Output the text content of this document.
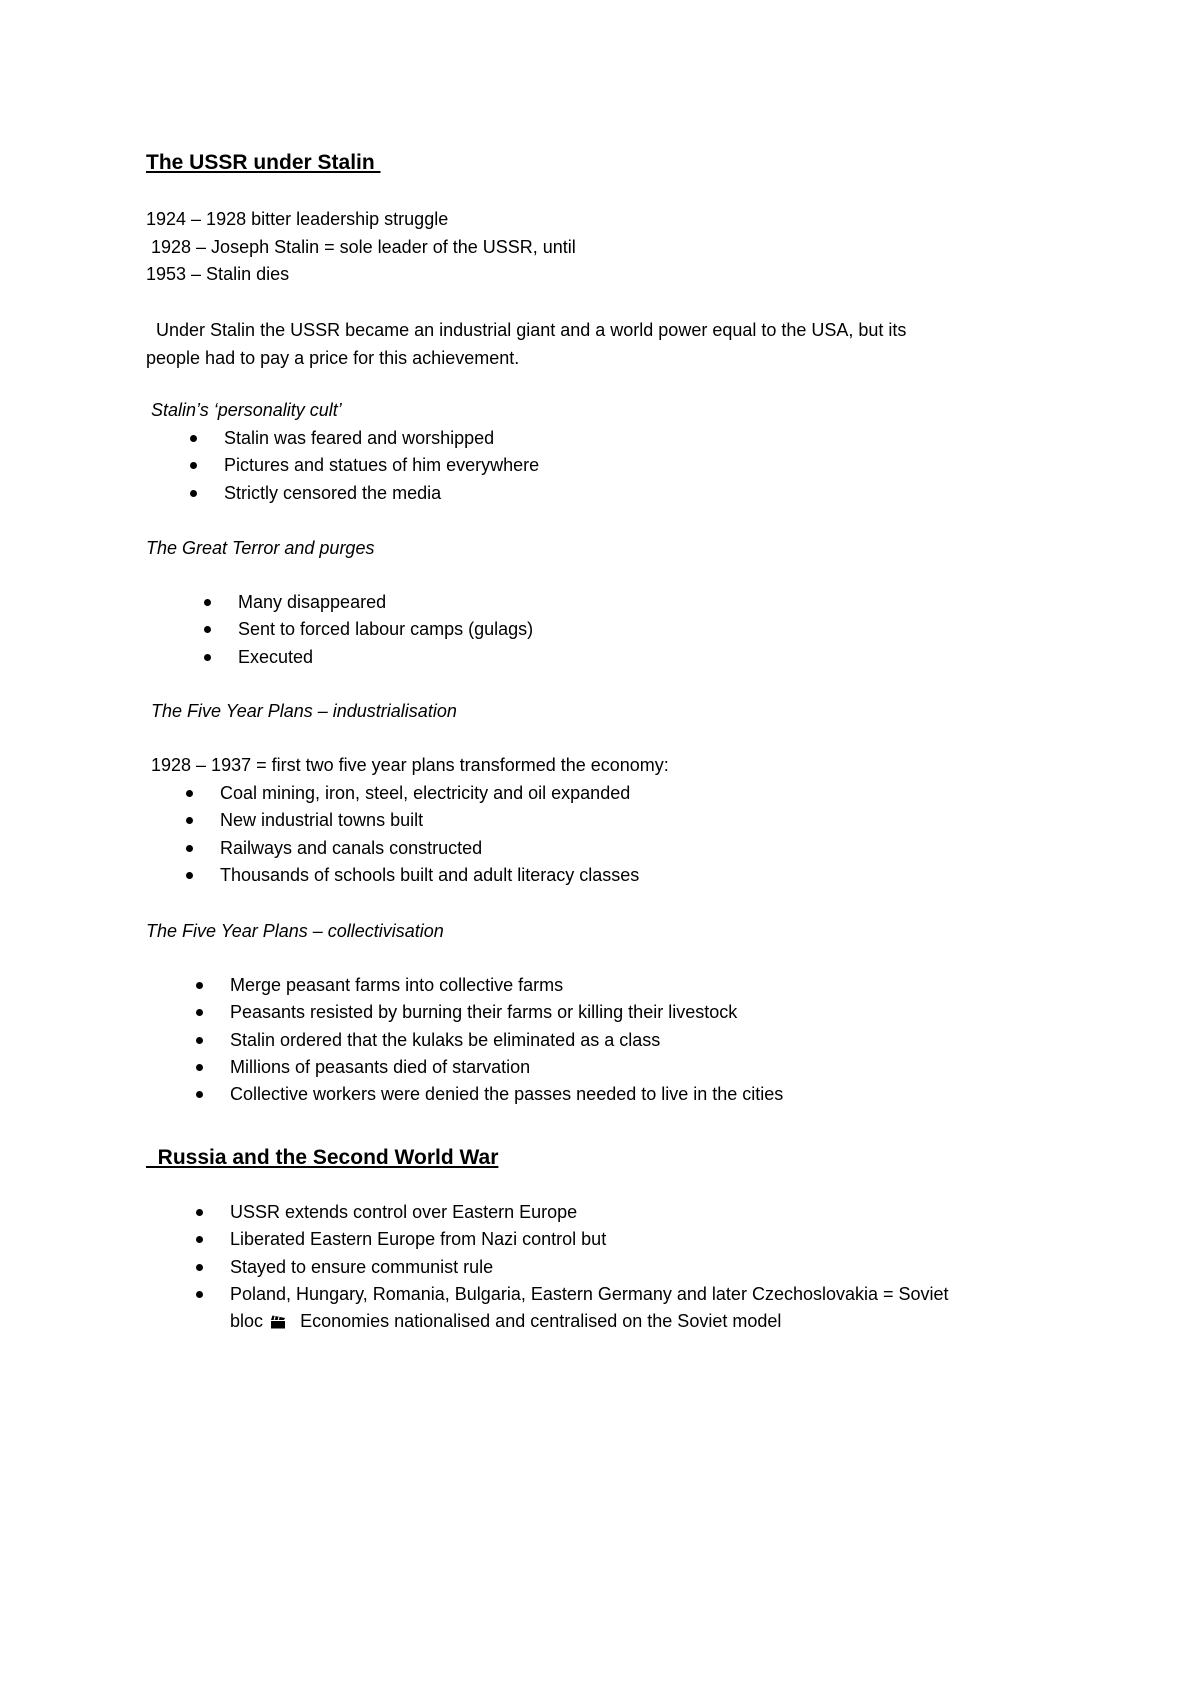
The USSR under Stalin
1924 – 1928 bitter leadership struggle
1928 – Joseph Stalin = sole leader of the USSR, until
1953 – Stalin dies
Under Stalin the USSR became an industrial giant and a world power equal to the USA, but its
people had to pay a price for this achievement.
Stalin’s ‘personality cult’
Stalin was feared and worshipped
Pictures and statues of him everywhere
Strictly censored the media
The Great Terror and purges
Many disappeared
Sent to forced labour camps (gulags)
Executed
The Five Year Plans – industrialisation
1928 – 1937 = first two five year plans transformed the economy:
Coal mining, iron, steel, electricity and oil expanded
New industrial towns built
Railways and canals constructed
Thousands of schools built and adult literacy classes
The Five Year Plans – collectivisation
Merge peasant farms into collective farms
Peasants resisted by burning their farms or killing their livestock
Stalin ordered that the kulaks be eliminated as a class
Millions of peasants died of starvation
Collective workers were denied the passes needed to live in the cities
Russia and the Second World War
USSR extends control over Eastern Europe
Liberated Eastern Europe from Nazi control but
Stayed to ensure communist rule
Poland, Hungary, Romania, Bulgaria, Eastern Germany and later Czechoslovakia = Soviet
bloc   Economies nationalised and centralised on the Soviet model
